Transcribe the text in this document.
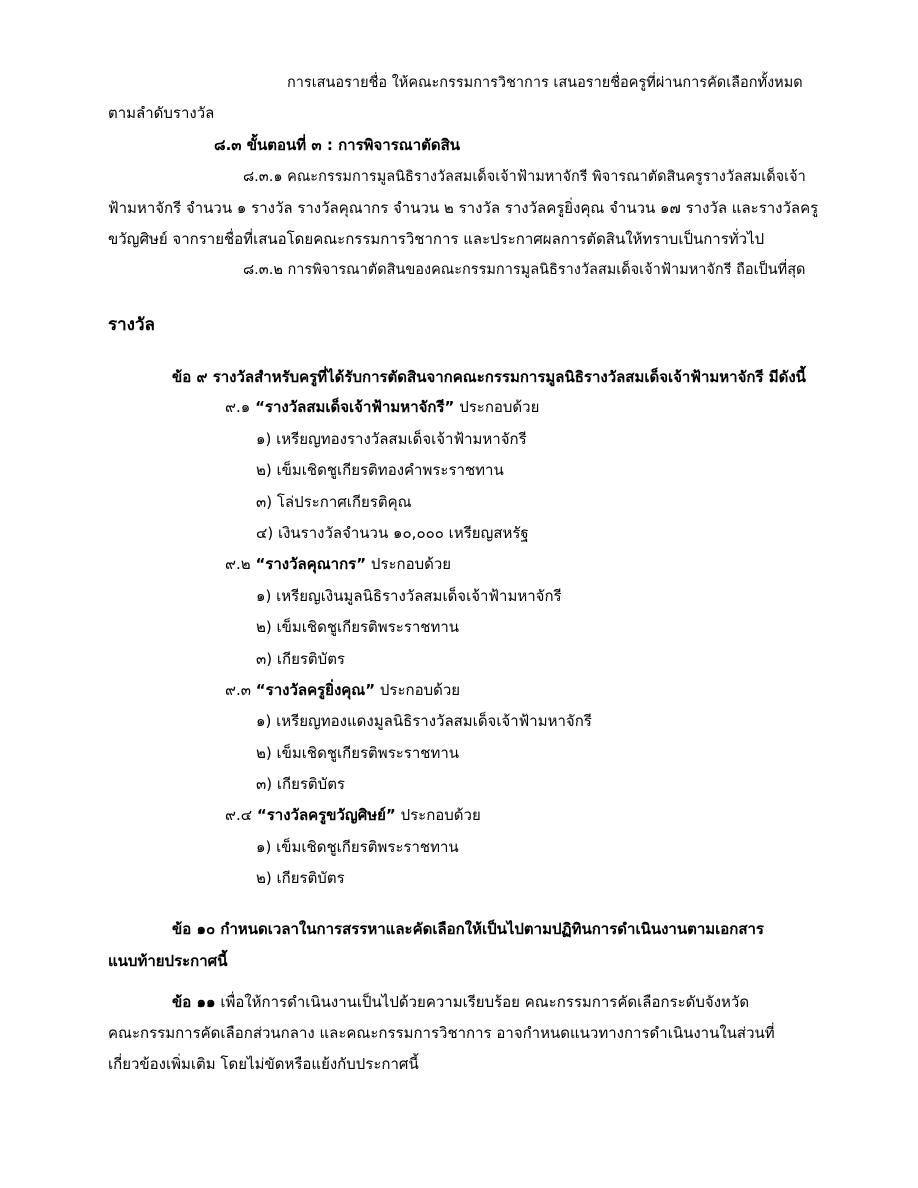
การเสนอรายชื่อ ให้คณะกรรมการวิชาการ เสนอรายชื่อครูที่ผ่านการคัดเลือกทั้งหมด
ตามลำดับรางวัล
๘.๓ ขั้นตอนที่ ๓ : การพิจารณาตัดสิน
๘.๓.๑ คณะกรรมการมูลนิธิรางวัลสมเด็จเจ้าฟ้ามหาจักรี พิจารณาตัดสินครูรางวัลสมเด็จเจ้า
ฟ้ามหาจักรี จำนวน ๑ รางวัล รางวัลคุณากร จำนวน ๒ รางวัล รางวัลครูยิ่งคุณ จำนวน ๑๗ รางวัล และรางวัลครู
ขวัญศิษย์ จากรายชื่อที่เสนอโดยคณะกรรมการวิชาการ และประกาศผลการตัดสินให้ทราบเป็นการทั่วไป
๘.๓.๒ การพิจารณาตัดสินของคณะกรรมการมูลนิธิรางวัลสมเด็จเจ้าฟ้ามหาจักรี ถือเป็นที่สุด
รางวัล
ข้อ ๙ รางวัลสำหรับครูที่ได้รับการตัดสินจากคณะกรรมการมูลนิธิรางวัลสมเด็จเจ้าฟ้ามหาจักรี มีดังนี้
๙.๑ “รางวัลสมเด็จเจ้าฟ้ามหาจักรี” ประกอบด้วย
๑) เหรียญทองรางวัลสมเด็จเจ้าฟ้ามหาจักรี
๒) เข็มเชิดชูเกียรติทองคำพระราชทาน
๓) โล่ประกาศเกียรติคุณ
๔) เงินรางวัลจำนวน ๑๐,๐๐๐ เหรียญสหรัฐ
๙.๒ “รางวัลคุณากร” ประกอบด้วย
๑) เหรียญเงินมูลนิธิรางวัลสมเด็จเจ้าฟ้ามหาจักรี
๒) เข็มเชิดชูเกียรติพระราชทาน
๓) เกียรติบัตร
๙.๓ “รางวัลครูยิ่งคุณ” ประกอบด้วย
๑) เหรียญทองแดงมูลนิธิรางวัลสมเด็จเจ้าฟ้ามหาจักรี
๒) เข็มเชิดชูเกียรติพระราชทาน
๓) เกียรติบัตร
๙.๔ “รางวัลครูขวัญศิษย์” ประกอบด้วย
๑) เข็มเชิดชูเกียรติพระราชทาน
๒) เกียรติบัตร
ข้อ ๑๐ กำหนดเวลาในการสรรหาและคัดเลือกให้เป็นไปตามปฏิทินการดำเนินงานตามเอกสาร
แนบท้ายประกาศนี้
ข้อ ๑๑ เพื่อให้การดำเนินงานเป็นไปด้วยความเรียบร้อย คณะกรรมการคัดเลือกระดับจังหวัด
คณะกรรมการคัดเลือกส่วนกลาง และคณะกรรมการวิชาการ อาจกำหนดแนวทางการดำเนินงานในส่วนที่
เกี่ยวข้องเพิ่มเติม โดยไม่ขัดหรือแย้งกับประกาศนี้
